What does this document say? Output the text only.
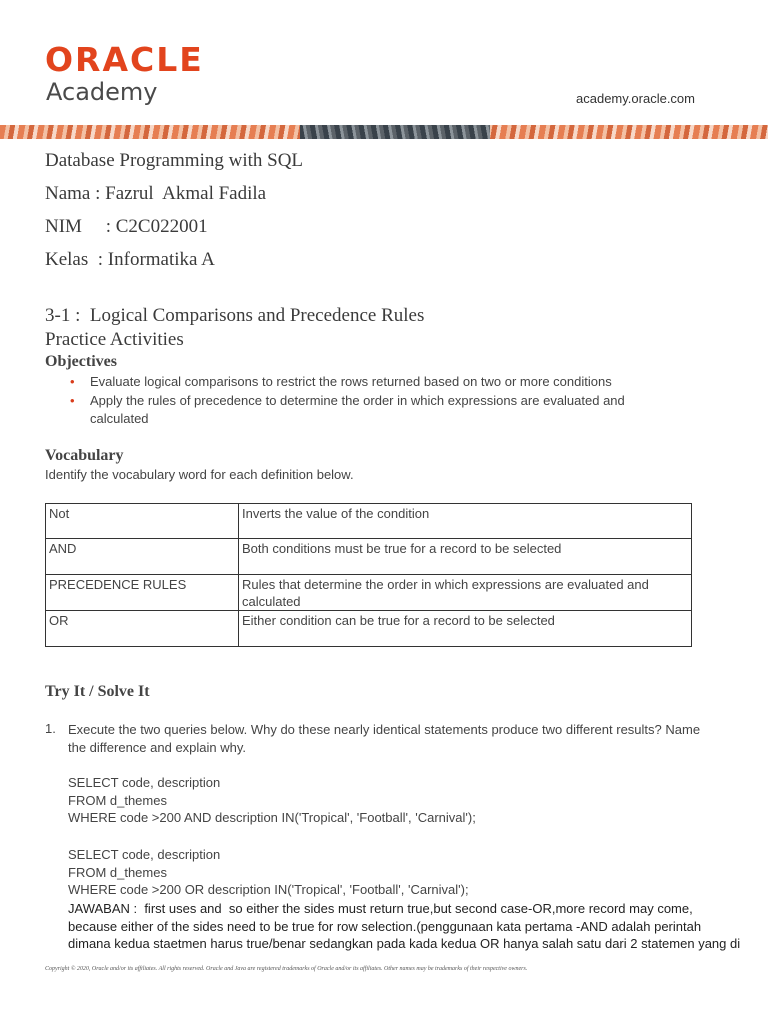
ORACLE
Academy	academy.oracle.com
Database Programming with SQL
Nama : Fazrul  Akmal Fadila
NIM     : C2C022001
Kelas  : Informatika A
3-1 :  Logical Comparisons and Precedence Rules
Practice Activities
Objectives
• Evaluate logical comparisons to restrict the rows returned based on two or more conditions
• Apply the rules of precedence to determine the order in which expressions are evaluated and calculated
Vocabulary
Identify the vocabulary word for each definition below.
Not	Inverts the value of the condition
AND	Both conditions must be true for a record to be selected
PRECEDENCE RULES	Rules that determine the order in which expressions are evaluated and calculated
OR	Either condition can be true for a record to be selected
Try It / Solve It
1. Execute the two queries below. Why do these nearly identical statements produce two different results? Name the difference and explain why.
SELECT code, description
FROM d_themes
WHERE code >200 AND description IN('Tropical', 'Football', 'Carnival');
SELECT code, description
FROM d_themes
WHERE code >200 OR description IN('Tropical', 'Football', 'Carnival');
JAWABAN :  first uses and  so either the sides must return true,but second case-OR,more record may come,
because either of the sides need to be true for row selection.(penggunaan kata pertama -AND adalah perintah
dimana kedua staetmen harus true/benar sedangkan pada kada kedua OR hanya salah satu dari 2 statemen yang di
Copyright © 2020, Oracle and/or its affiliates. All rights reserved. Oracle and Java are registered trademarks of Oracle and/or its affiliates. Other names may be trademarks of their respective owners.
